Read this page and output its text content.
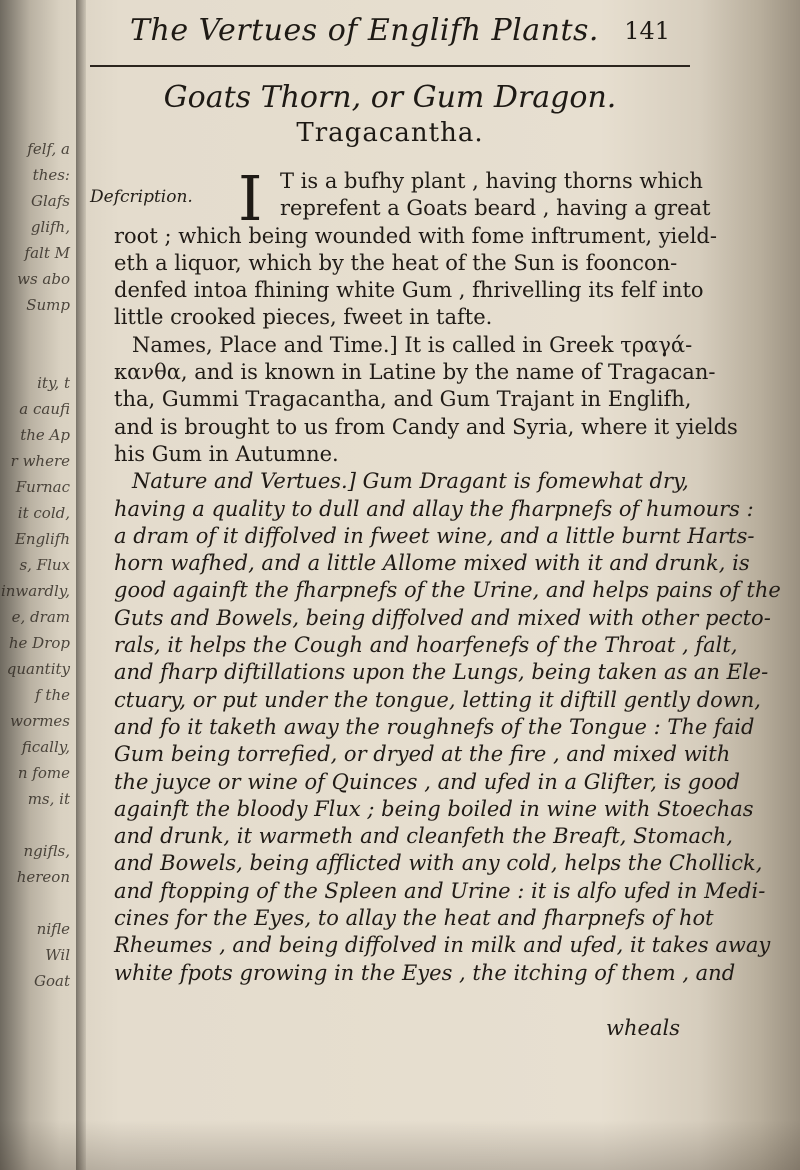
felf, a
thes:
Glafs
glifh,
falt M
ws abo
Sump
ity, t
a caufi
the Ap
r where
Furnac
it cold,
Englifh
s, Flux
inwardly,
e, dram
he Drop
quantity
f the
wormes
fically,
n fome
ms, it
ngifls,
hereon
nifle
Wil
Goat
The Vertues of Englifh Plants. 141
Goats Thorn, or Gum Dragon.
Tragacantha.
Defcription. I T is a bufhy plant , having thorns which
reprefent a Goats beard , having a great
root ; which being wounded with fome inftrument, yield-
eth a liquor, which by the heat of the Sun is fooncon-
denfed intoa fhining white Gum , fhrivelling its felf into
little crooked pieces, fweet in tafte.
Names, Place and Time.] It is called in Greek τραγά-
κανθα, and is known in Latine by the name of Tragacan-
tha, Gummi Tragacantha, and Gum Trajant in Englifh,
and is brought to us from Candy and Syria, where it yields
his Gum in Autumne.
Nature and Vertues.] Gum Dragant is fomewhat dry,
having a quality to dull and allay the fharpnefs of humours :
a dram of it diffolved in fweet wine, and a little burnt Harts-
horn wafhed, and a little Allome mixed with it and drunk, is
good againft the fharpnefs of the Urine, and helps pains of the
Guts and Bowels, being diffolved and mixed with other pecto-
rals, it helps the Cough and hoarfenefs of the Throat , falt,
and fharp diftillations upon the Lungs, being taken as an Ele-
ctuary, or put under the tongue, letting it diftill gently down,
and fo it taketh away the roughnefs of the Tongue : The faid
Gum being torrefied, or dryed at the fire , and mixed with
the juyce or wine of Quinces , and ufed in a Glifter, is good
againft the bloody Flux ; being boiled in wine with Stoechas
and drunk, it warmeth and cleanfeth the Breaft, Stomach,
and Bowels, being afflicted with any cold, helps the Chollick,
and ftopping of the Spleen and Urine : it is alfo ufed in Medi-
cines for the Eyes, to allay the heat and fharpnefs of hot
Rheumes , and being diffolved in milk and ufed, it takes away
white fpots growing in the Eyes , the itching of them , and
wheals
